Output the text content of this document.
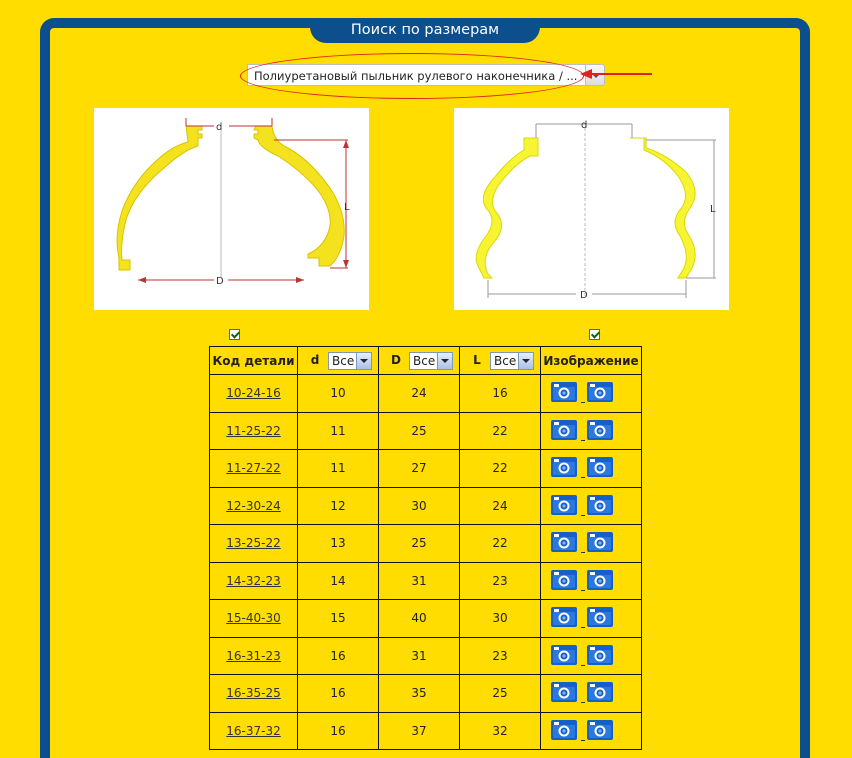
Поиск по размерам
Полиуретановый пыльник рулевого наконечника / ...
d
D
L
d
D
L
Код детали	d Все	D Все	L Все	Изображение
10-24-16	10	24	16	

11-25-22	11	25	22	

11-27-22	11	27	22	

12-30-24	12	30	24	

13-25-22	13	25	22	

14-32-23	14	31	23	

15-40-30	15	40	30	

16-31-23	16	31	23	

16-35-25	16	35	25	

16-37-32	16	37	32	
